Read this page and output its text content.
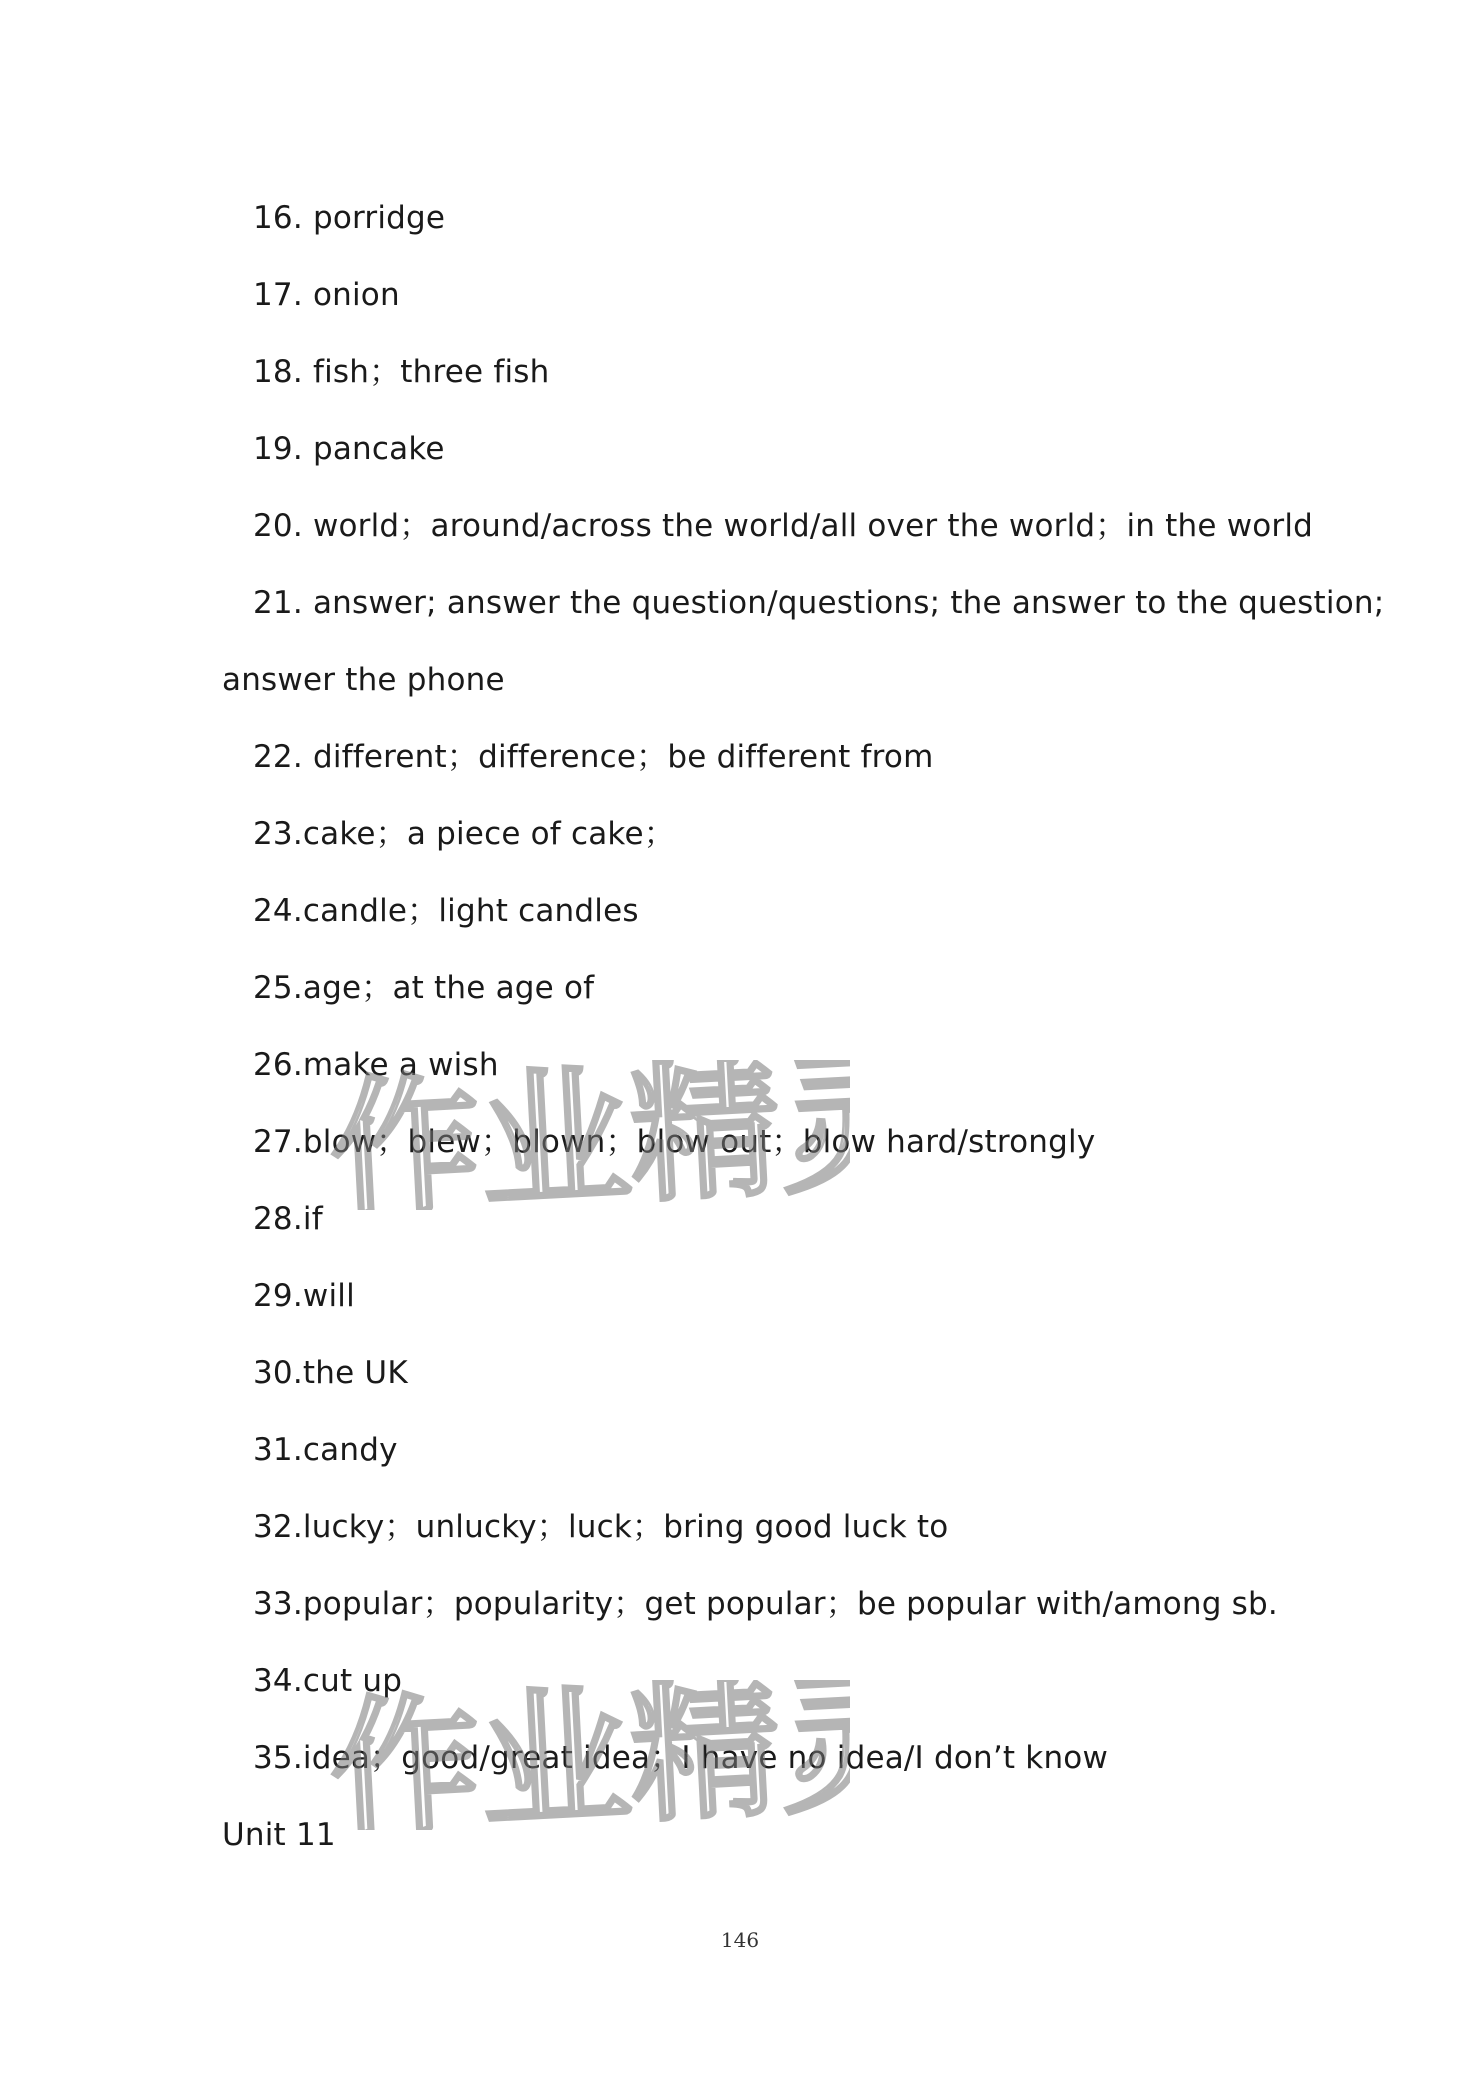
16. porridge
17. onion
18. fish；three fish
19. pancake
20. world；around/across the world/all over the world；in the world
21. answer; answer the question/questions; the answer to the question;
answer the phone
22. different；difference；be different from
23.cake；a piece of cake；
24.candle；light candles
25.age；at the age of
26.make a wish
27.blow；blew；blown；blow out；blow hard/strongly
28.if
29.will
30.the UK
31.candy
32.lucky；unlucky；luck；bring good luck to
33.popular；popularity；get popular；be popular with/among sb.
34.cut up
35.idea；good/great idea；I have no idea/I don’t know
Unit 11
作业精灵
作业精灵
146
